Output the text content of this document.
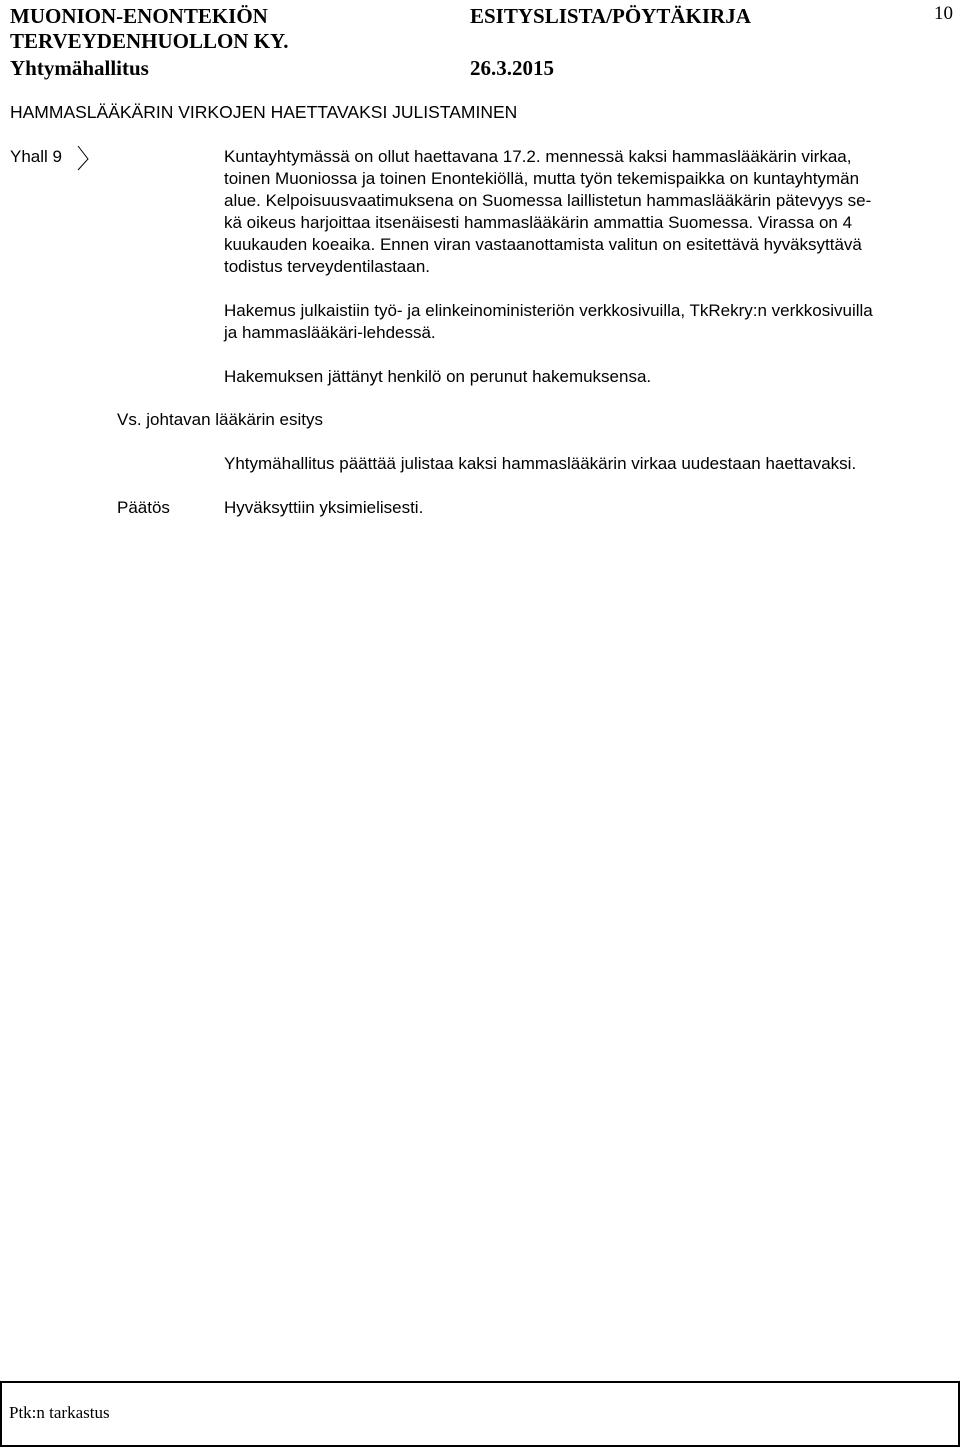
MUONION-ENONTEKIÖN
TERVEYDENHUOLLON KY.
Yhtymähallitus
ESITYSLISTA/PÖYTÄKIRJA
26.3.2015
10
HAMMASLÄÄKÄRIN VIRKOJEN HAETTAVAKSI JULISTAMINEN
Yhall 9	Kuntayhtymässä on ollut haettavana 17.2. mennessä kaksi hammaslääkärin virkaa,
toinen Muoniossa ja toinen Enontekiöllä, mutta työn tekemispaikka on kuntayhtymän
alue. Kelpoisuusvaatimuksena on Suomessa laillistetun hammaslääkärin pätevyys se-
kä oikeus harjoittaa itsenäisesti hammaslääkärin ammattia Suomessa. Virassa on 4
kuukauden koeaika. Ennen viran vastaanottamista valitun on esitettävä hyväksyttävä
todistus terveydentilastaan.

Hakemus julkaistiin työ- ja elinkeinoministeriön verkkosivuilla, TkRekry:n verkkosivuilla
ja hammaslääkäri-lehdessä.

Hakemuksen jättänyt henkilö on perunut hakemuksensa.

Vs. johtavan lääkärin esitys

Yhtymähallitus päättää julistaa kaksi hammaslääkärin virkaa uudestaan haettavaksi.

Päätös	Hyväksyttiin yksimielisesti.

Ptk:n tarkastus
